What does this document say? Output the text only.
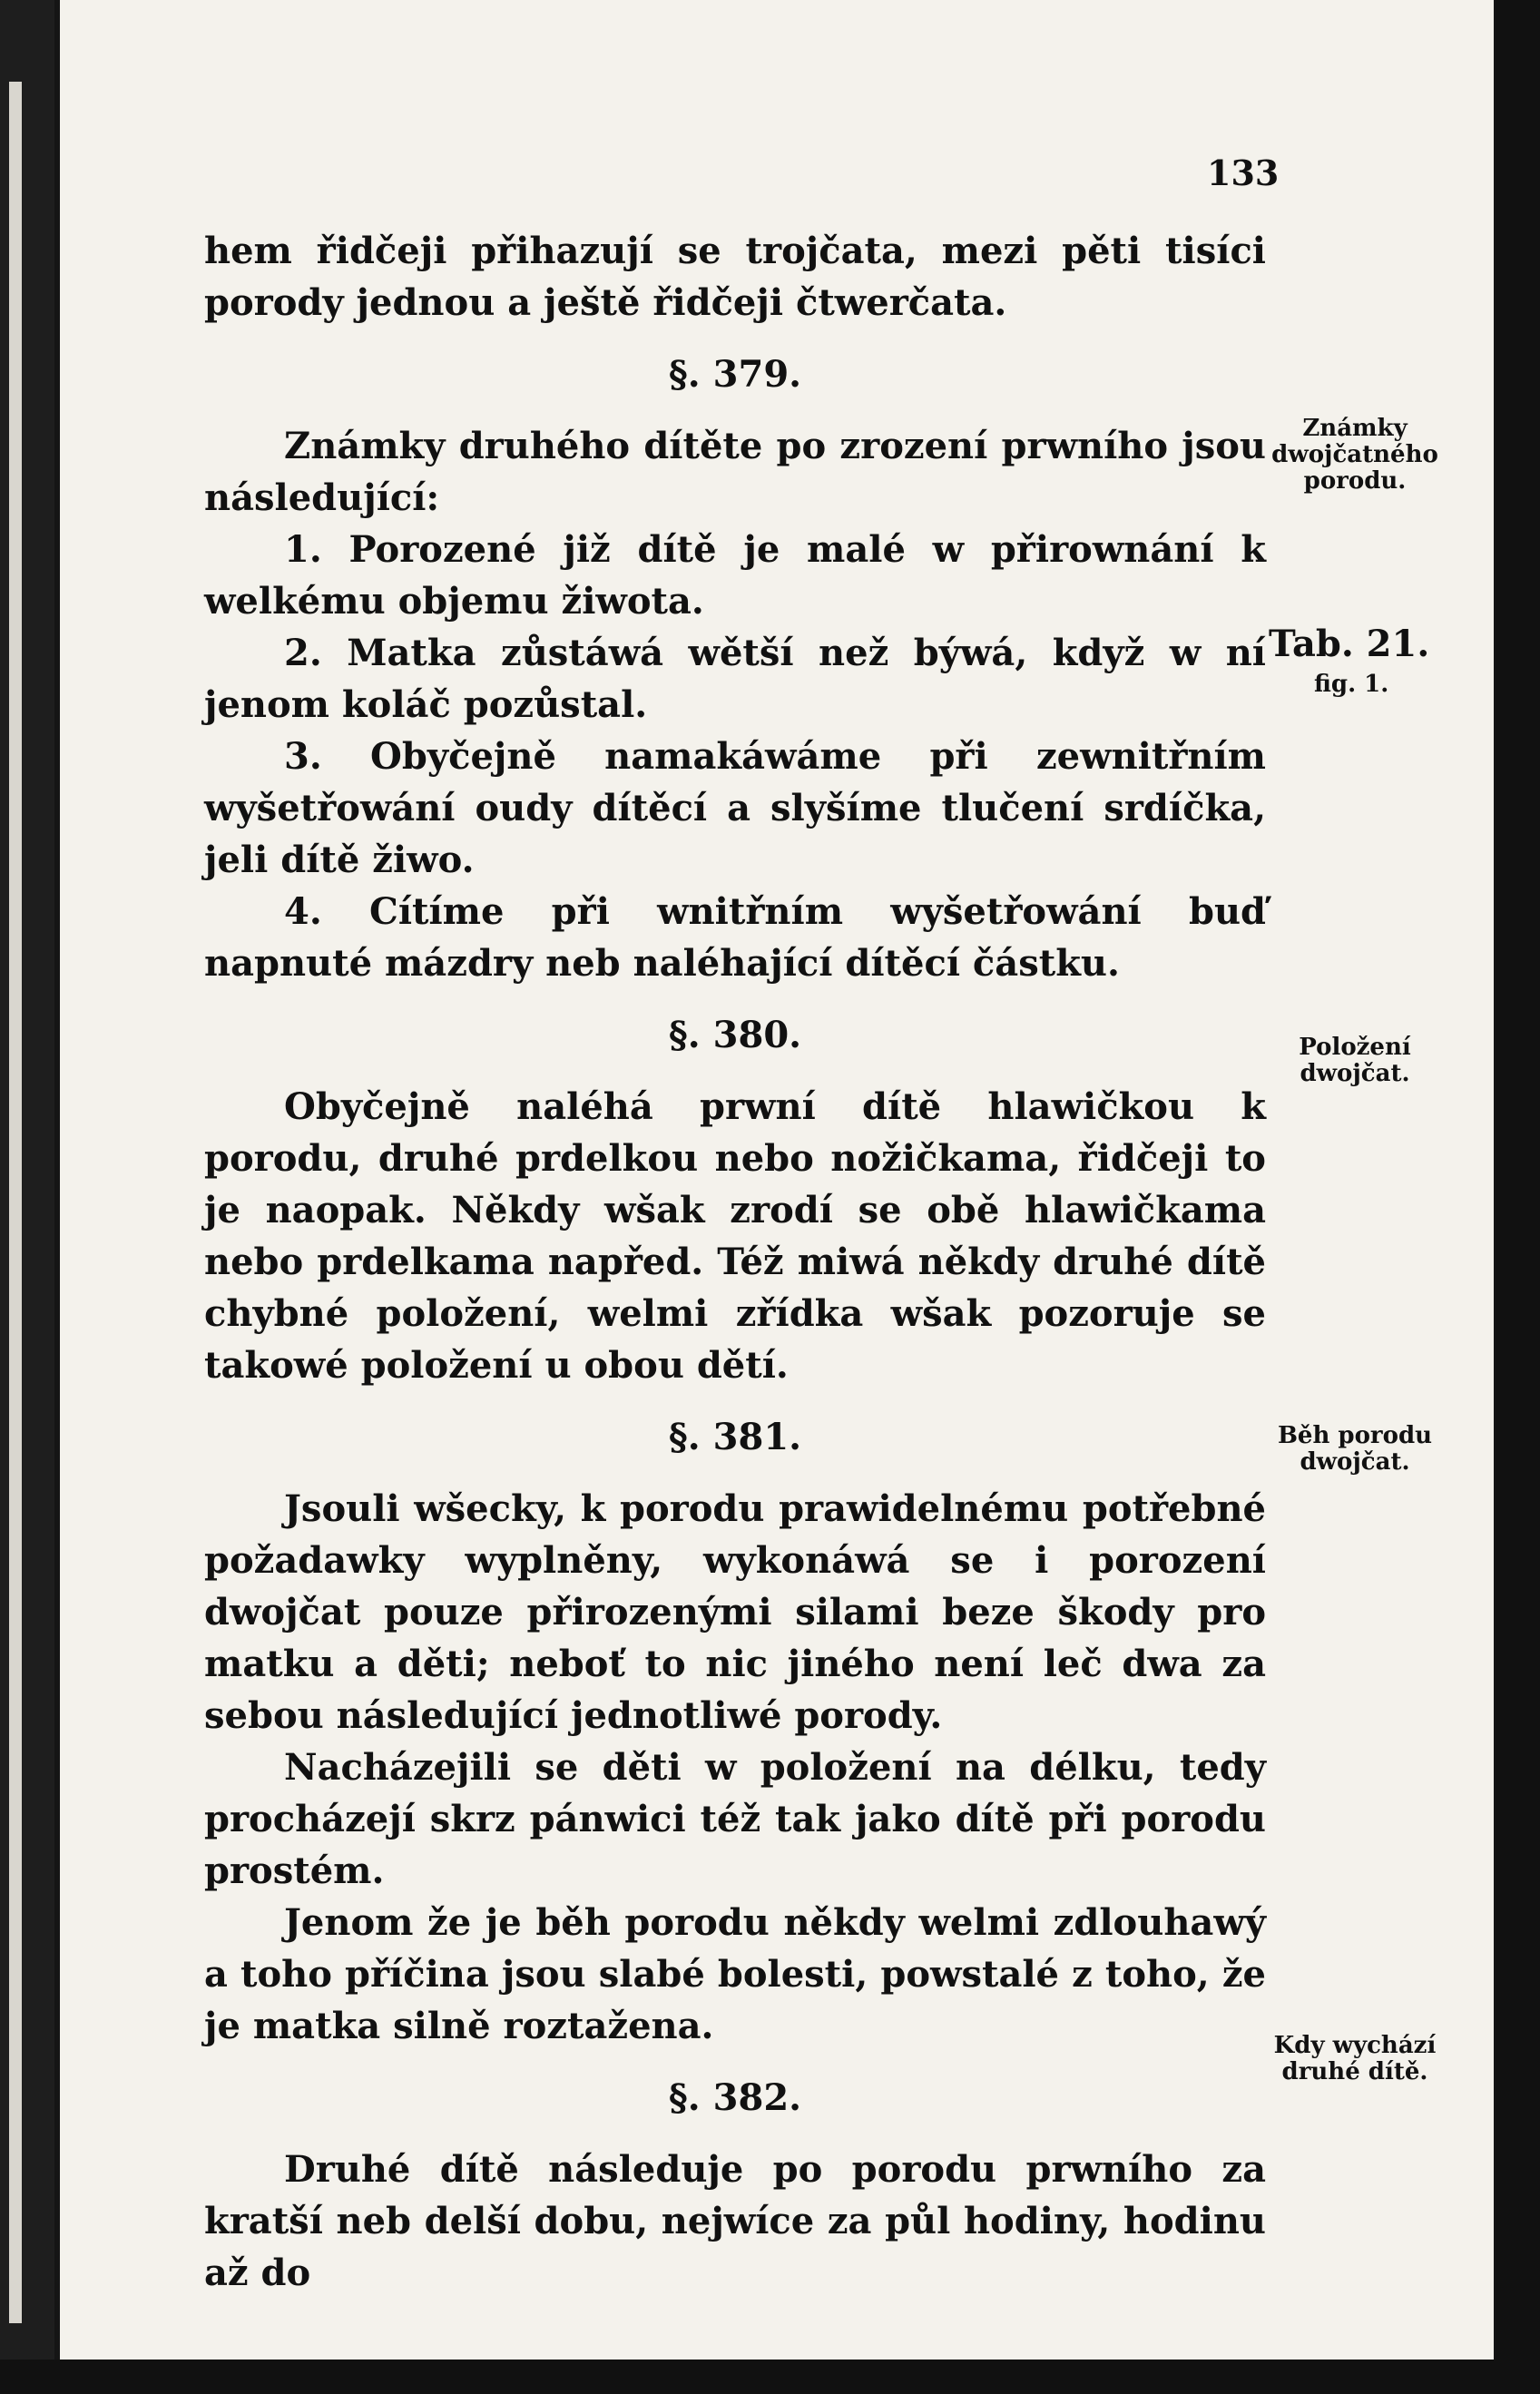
133

hem řidčeji přihazují se trojčata, mezi pěti tisíci porody jednou a ještě řidčeji čtwerčata.

§. 379.

Známky druhého dítěte po zrození prwního jsou následující:

1. Porozené již dítě je malé w přirownání k welkému objemu žiwota.

2. Matka zůstáwá wětší než býwá, když w ní jenom koláč pozůstal.

3. Obyčejně namakáwáme při zewnitřním wyšetřowání oudy dítěcí a slyšíme tlučení srdíčka, jeli dítě žiwo.

4. Cítíme při wnitřním wyšetřowání buď napnuté mázdry neb naléhající dítěcí částku.

§. 380.

Obyčejně naléhá prwní dítě hlawičkou k porodu, druhé prdelkou nebo nožičkama, řidčeji to je naopak. Někdy wšak zrodí se obě hlawičkama nebo prdelkama napřed. Též miwá někdy druhé dítě chybné položení, welmi zřídka wšak pozoruje se takowé položení u obou dětí.

§. 381.

Jsouli wšecky, k porodu prawidelnému potřebné požadawky wyplněny, wykonáwá se i porození dwojčat pouze přirozenými silami beze škody pro matku a děti; neboť to nic jiného není leč dwa za sebou následující jednotliwé porody.

Nacházejili se děti w položení na délku, tedy procházejí skrz pánwici též tak jako dítě při porodu prostém.

Jenom že je běh porodu někdy welmi zdlouhawý a toho příčina jsou slabé bolesti, powstalé z toho, že je matka silně roztažena.

§. 382.

Druhé dítě následuje po porodu prwního za kratší neb delší dobu, nejwíce za půl hodiny, hodinu až do

Známky dwojčatného porodu.
Tab. 21.
fig. 1.
Položení dwojčat.
Běh porodu dwojčat.
Kdy wychází druhé dítě.
